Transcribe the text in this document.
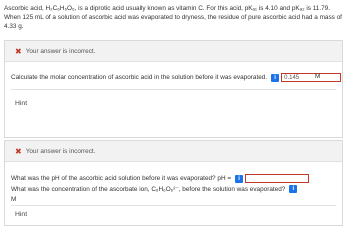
Ascorbic acid, H₂C₆H₆O₆, is a diprotic acid usually known as vitamin C. For this acid, pKₐ₁ is 4.10 and pKₐ₂ is 11.79. When 125 mL of a solution of ascorbic acid was evaporated to dryness, the residue of pure ascorbic acid had a mass of 4.33 g.
✖ Your answer is incorrect.
Calculate the molar concentration of ascorbic acid in the solution before it was evaporated.	i	0.145	M
Hint
✖ Your answer is incorrect.
What was the pH of the ascorbic acid solution before it was evaporated? pH =	i
What was the concentration of the ascorbate ion, C₆H₆O₆²⁻, before the solution was evaporated?	i
M
Hint
